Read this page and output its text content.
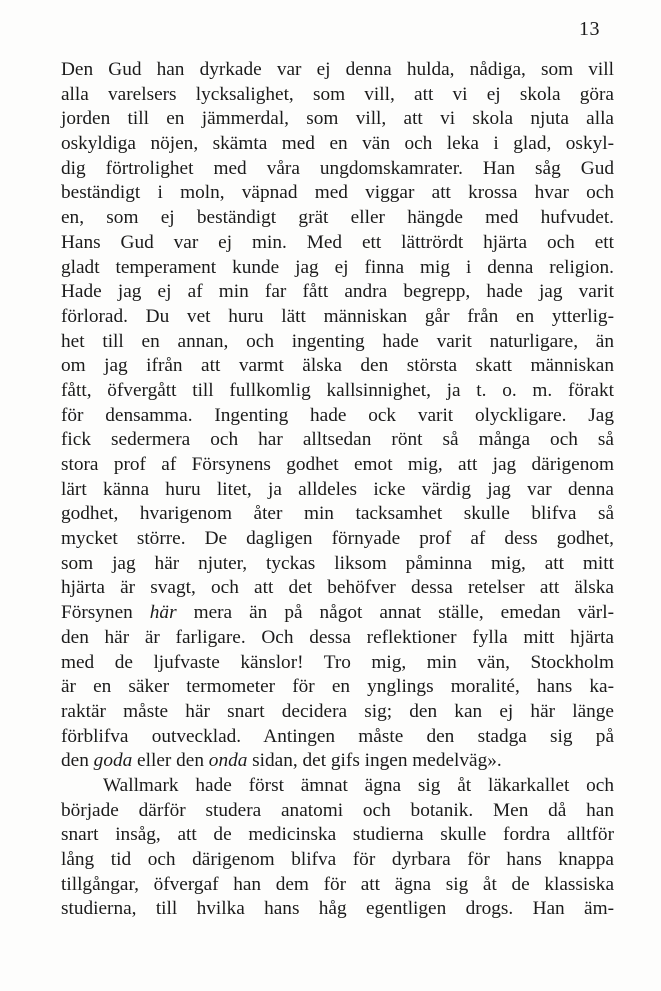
13
Den Gud han dyrkade var ej denna hulda, nådiga, som vill
alla varelsers lycksalighet, som vill, att vi ej skola göra
jorden till en jämmerdal, som vill, att vi skola njuta alla
oskyldiga nöjen, skämta med en vän och leka i glad, oskyl-
dig förtrolighet med våra ungdomskamrater. Han såg Gud
beständigt i moln, väpnad med viggar att krossa hvar och
en, som ej beständigt grät eller hängde med hufvudet.
Hans Gud var ej min. Med ett lättrördt hjärta och ett
gladt temperament kunde jag ej finna mig i denna religion.
Hade jag ej af min far fått andra begrepp, hade jag varit
förlorad. Du vet huru lätt människan går från en ytterlig-
het till en annan, och ingenting hade varit naturligare, än
om jag ifrån att varmt älska den största skatt människan
fått, öfvergått till fullkomlig kallsinnighet, ja t. o. m. förakt
för densamma. Ingenting hade ock varit olyckligare. Jag
fick sedermera och har alltsedan rönt så många och så
stora prof af Försynens godhet emot mig, att jag därigenom
lärt känna huru litet, ja alldeles icke värdig jag var denna
godhet, hvarigenom åter min tacksamhet skulle blifva så
mycket större. De dagligen förnyade prof af dess godhet,
som jag här njuter, tyckas liksom påminna mig, att mitt
hjärta är svagt, och att det behöfver dessa retelser att älska
Försynen här mera än på något annat ställe, emedan värl-
den här är farligare. Och dessa reflektioner fylla mitt hjärta
med de ljufvaste känslor! Tro mig, min vän, Stockholm
är en säker termometer för en ynglings moralité, hans ka-
raktär måste här snart decidera sig; den kan ej här länge
förblifva outvecklad. Antingen måste den stadga sig på
den goda eller den onda sidan, det gifs ingen medelväg».
Wallmark hade först ämnat ägna sig åt läkarkallet och
började därför studera anatomi och botanik. Men då han
snart insåg, att de medicinska studierna skulle fordra alltför
lång tid och därigenom blifva för dyrbara för hans knappa
tillgångar, öfvergaf han dem för att ägna sig åt de klassiska
studierna, till hvilka hans håg egentligen drogs. Han äm-
